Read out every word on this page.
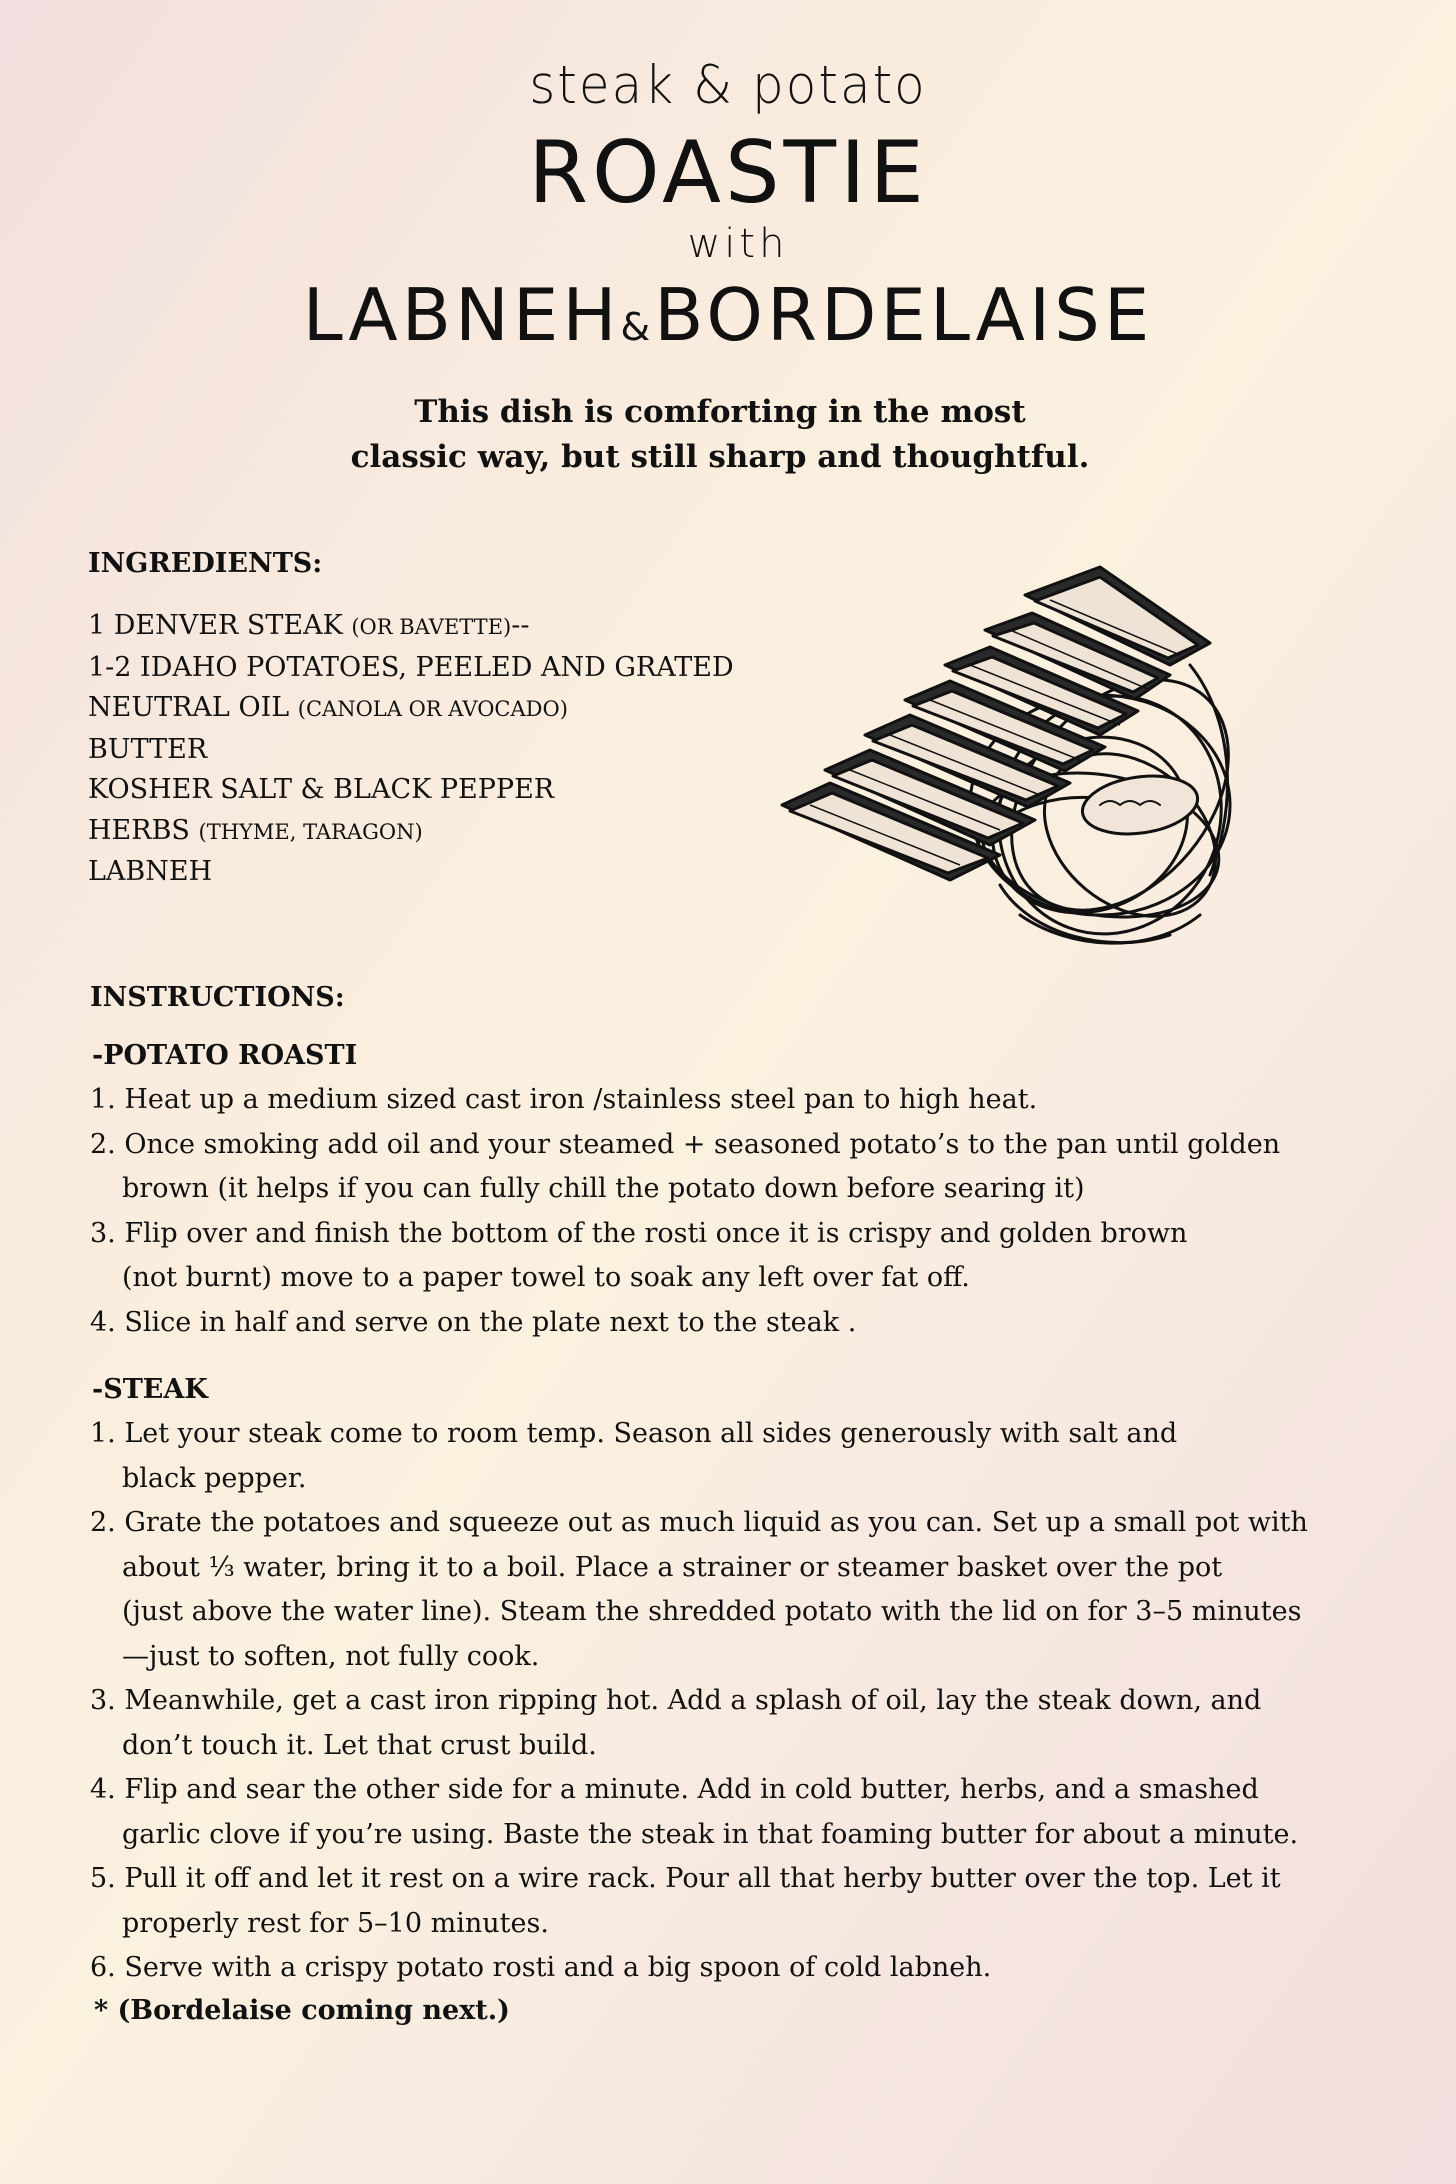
steak & potato
ROASTIE
with
LABNEH&BORDELAISE
This dish is comforting in the most
classic way, but still sharp and thoughtful.
INGREDIENTS:
1 DENVER STEAK (OR BAVETTE)--
1-2 IDAHO POTATOES, PEELED AND GRATED
NEUTRAL OIL (CANOLA OR AVOCADO)
BUTTER
KOSHER SALT & BLACK PEPPER
HERBS (THYME, TARAGON)
LABNEH
INSTRUCTIONS:
-POTATO ROASTI
1. Heat up a medium sized cast iron /stainless steel pan to high heat.
2. Once smoking add oil and your steamed + seasoned potato’s to the pan until golden
brown (it helps if you can fully chill the potato down before searing it)
3. Flip over and finish the bottom of the rosti once it is crispy and golden brown
(not burnt) move to a paper towel to soak any left over fat off.
4. Slice in half and serve on the plate next to the steak .
-STEAK
1. Let your steak come to room temp. Season all sides generously with salt and
black pepper.
2. Grate the potatoes and squeeze out as much liquid as you can. Set up a small pot with
about ⅓ water, bring it to a boil. Place a strainer or steamer basket over the pot
(just above the water line). Steam the shredded potato with the lid on for 3–5 minutes
—just to soften, not fully cook.
3. Meanwhile, get a cast iron ripping hot. Add a splash of oil, lay the steak down, and
don’t touch it. Let that crust build.
4. Flip and sear the other side for a minute. Add in cold butter, herbs, and a smashed
garlic clove if you’re using. Baste the steak in that foaming butter for about a minute.
5. Pull it off and let it rest on a wire rack. Pour all that herby butter over the top. Let it
properly rest for 5–10 minutes.
6. Serve with a crispy potato rosti and a big spoon of cold labneh.
* (Bordelaise coming next.)
